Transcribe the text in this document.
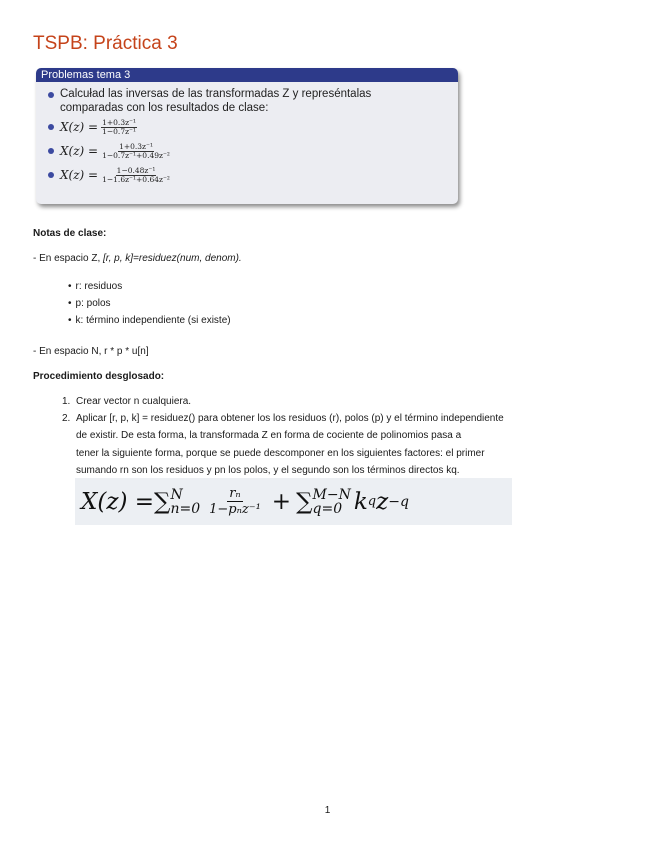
TSPB: Práctica 3
Problemas tema 3
Calcuład las inversas de las transformadas Z y represéntalas comparadas con los resultados de clase:
$X(z) = \frac{\text{1+0.3z⁻¹}}{\text{1−0.7z⁻¹}}$
$X(z) = \frac{\text{1+0.3z⁻¹}}{\text{1−0.7z⁻¹+0.49z⁻²}}$
$X(z) = \frac{\text{1−0.48z⁻¹}}{\text{1−1.6z⁻¹+0.64z⁻²}}$
Notas de clase:
- En espacio Z, [r, p, k]=residuez(num, denom).
• r: residuos
• p: polos
• k: término independiente (si existe)
- En espacio N, r * p * u[n]
Procedimiento desglosado:
1. Crear vector n cualquiera.
2. Aplicar [r, p, k] = residuez() para obtener los los residuos (r), polos (p) y el término independiente
de existir. De esta forma, la transformada Z en forma de cociente de polinomios pasa a
tener la siguiente forma, porque se puede descomponer en los siguientes factores: el primer
sumando rn son los residuos y pn los polos, y el segundo son los términos directos kq.
X(z) = ∑ N
n=0
rₙ
1−pₙz⁻¹ + ∑ M−N
q=0 k q z −q
1
